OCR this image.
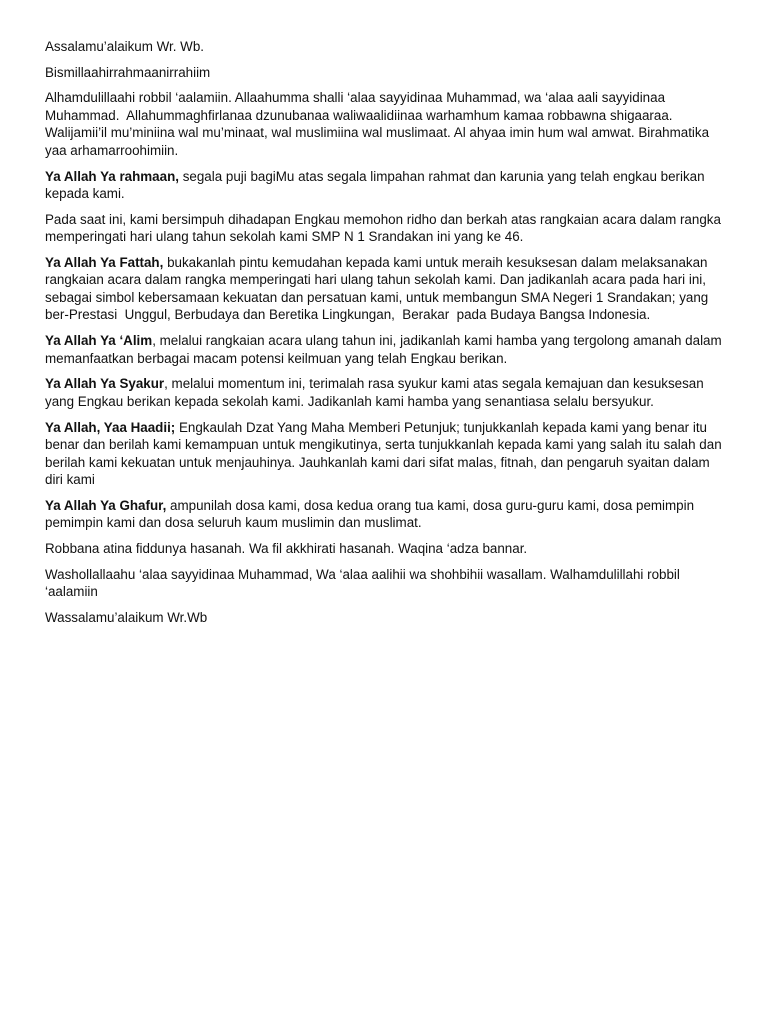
Assalamu’alaikum Wr. Wb.

Bismillaahirrahmaanirrahiim

Alhamdulillaahi robbil ‘aalamiin. Allaahumma shalli ‘alaa sayyidinaa Muhammad, wa ‘alaa aali sayyidinaa Muhammad.  Allahummaghfirlanaa dzunubanaa waliwaalidiinaa warhamhum kamaa robbawna shigaaraa. Walijamii’il mu’miniina wal mu’minaat, wal muslimiina wal muslimaat. Al ahyaa imin hum wal amwat. Birahmatika yaa arhamarroohimiin.

Ya Allah Ya rahmaan, segala puji bagiMu atas segala limpahan rahmat dan karunia yang telah engkau berikan kepada kami.

Pada saat ini, kami bersimpuh dihadapan Engkau memohon ridho dan berkah atas rangkaian acara dalam rangka memperingati hari ulang tahun sekolah kami SMP N 1 Srandakan ini yang ke 46.

Ya Allah Ya Fattah, bukakanlah pintu kemudahan kepada kami untuk meraih kesuksesan dalam melaksanakan rangkaian acara dalam rangka memperingati hari ulang tahun sekolah kami. Dan jadikanlah acara pada hari ini, sebagai simbol kebersamaan kekuatan dan persatuan kami, untuk membangun SMA Negeri 1 Srandakan; yang ber-Prestasi  Unggul, Berbudaya dan Beretika Lingkungan,  Berakar  pada Budaya Bangsa Indonesia.

Ya Allah Ya ‘Alim, melalui rangkaian acara ulang tahun ini, jadikanlah kami hamba yang tergolong amanah dalam memanfaatkan berbagai macam potensi keilmuan yang telah Engkau berikan.

Ya Allah Ya Syakur, melalui momentum ini, terimalah rasa syukur kami atas segala kemajuan dan kesuksesan yang Engkau berikan kepada sekolah kami. Jadikanlah kami hamba yang senantiasa selalu bersyukur.

Ya Allah, Yaa Haadii; Engkaulah Dzat Yang Maha Memberi Petunjuk; tunjukkanlah kepada kami yang benar itu benar dan berilah kami kemampuan untuk mengikutinya, serta tunjukkanlah kepada kami yang salah itu salah dan berilah kami kekuatan untuk menjauhinya. Jauhkanlah kami dari sifat malas, fitnah, dan pengaruh syaitan dalam diri kami

Ya Allah Ya Ghafur, ampunilah dosa kami, dosa kedua orang tua kami, dosa guru-guru kami, dosa pemimpin pemimpin kami dan dosa seluruh kaum muslimin dan muslimat.

Robbana atina fiddunya hasanah. Wa fil akkhirati hasanah. Waqina ‘adza bannar.

Washollallaahu ‘alaa sayyidinaa Muhammad, Wa ‘alaa aalihii wa shohbihii wasallam. Walhamdulillahi robbil ‘aalamiin

Wassalamu’alaikum Wr.Wb
